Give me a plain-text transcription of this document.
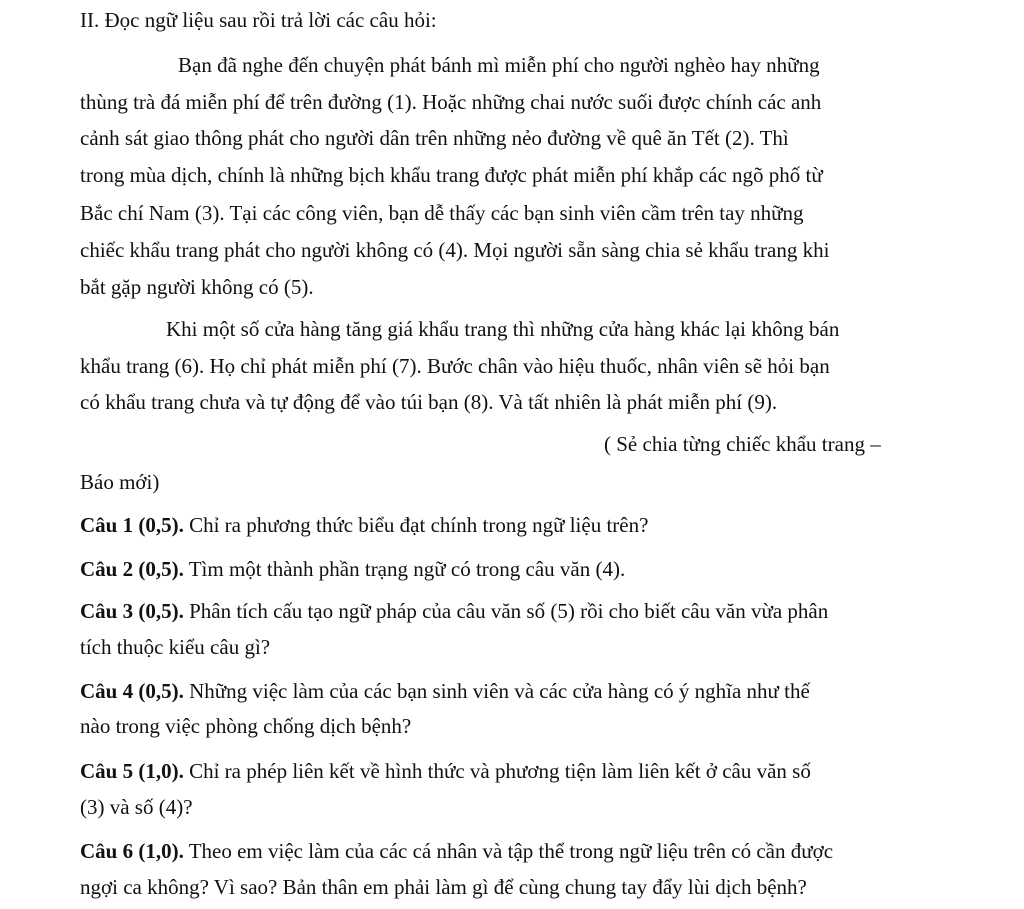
II. Đọc ngữ liệu sau rồi trả lời các câu hỏi:
Bạn đã nghe đến chuyện phát bánh mì miễn phí cho người nghèo hay những
thùng trà đá miễn phí để trên đường (1). Hoặc những chai nước suối được chính các anh
cảnh sát giao thông phát cho người dân trên những nẻo đường về quê ăn Tết (2). Thì
trong mùa dịch, chính là những bịch khẩu trang được phát miễn phí khắp các ngõ phố từ
Bắc chí Nam (3). Tại các công viên, bạn dễ thấy các bạn sinh viên cầm trên tay những
chiếc khẩu trang phát cho người không có (4). Mọi người sẵn sàng chia sẻ khẩu trang khi
bắt gặp người không có (5).
Khi một số cửa hàng tăng giá khẩu trang thì những cửa hàng khác lại không bán
khẩu trang (6). Họ chỉ phát miễn phí (7). Bước chân vào hiệu thuốc, nhân viên sẽ hỏi bạn
có khẩu trang chưa và tự động để vào túi bạn (8). Và tất nhiên là phát miễn phí (9).
( Sẻ chia từng chiếc khẩu trang –
Báo mới)
Câu 1 (0,5). Chỉ ra phương thức biểu đạt chính trong ngữ liệu trên?
Câu 2 (0,5). Tìm một thành phần trạng ngữ có trong câu văn (4).
Câu 3 (0,5). Phân tích cấu tạo ngữ pháp của câu văn số (5) rồi cho biết câu văn vừa phân
tích thuộc kiểu câu gì?
Câu 4 (0,5). Những việc làm của các bạn sinh viên và các cửa hàng có ý nghĩa như thế
nào trong việc phòng chống dịch bệnh?
Câu 5 (1,0). Chỉ ra phép liên kết về hình thức và phương tiện làm liên kết ở câu văn số
(3) và số (4)?
Câu 6 (1,0). Theo em việc làm của các cá nhân và tập thể trong ngữ liệu trên có cần được
ngợi ca không? Vì sao? Bản thân em phải làm gì để cùng chung tay đẩy lùi dịch bệnh?
